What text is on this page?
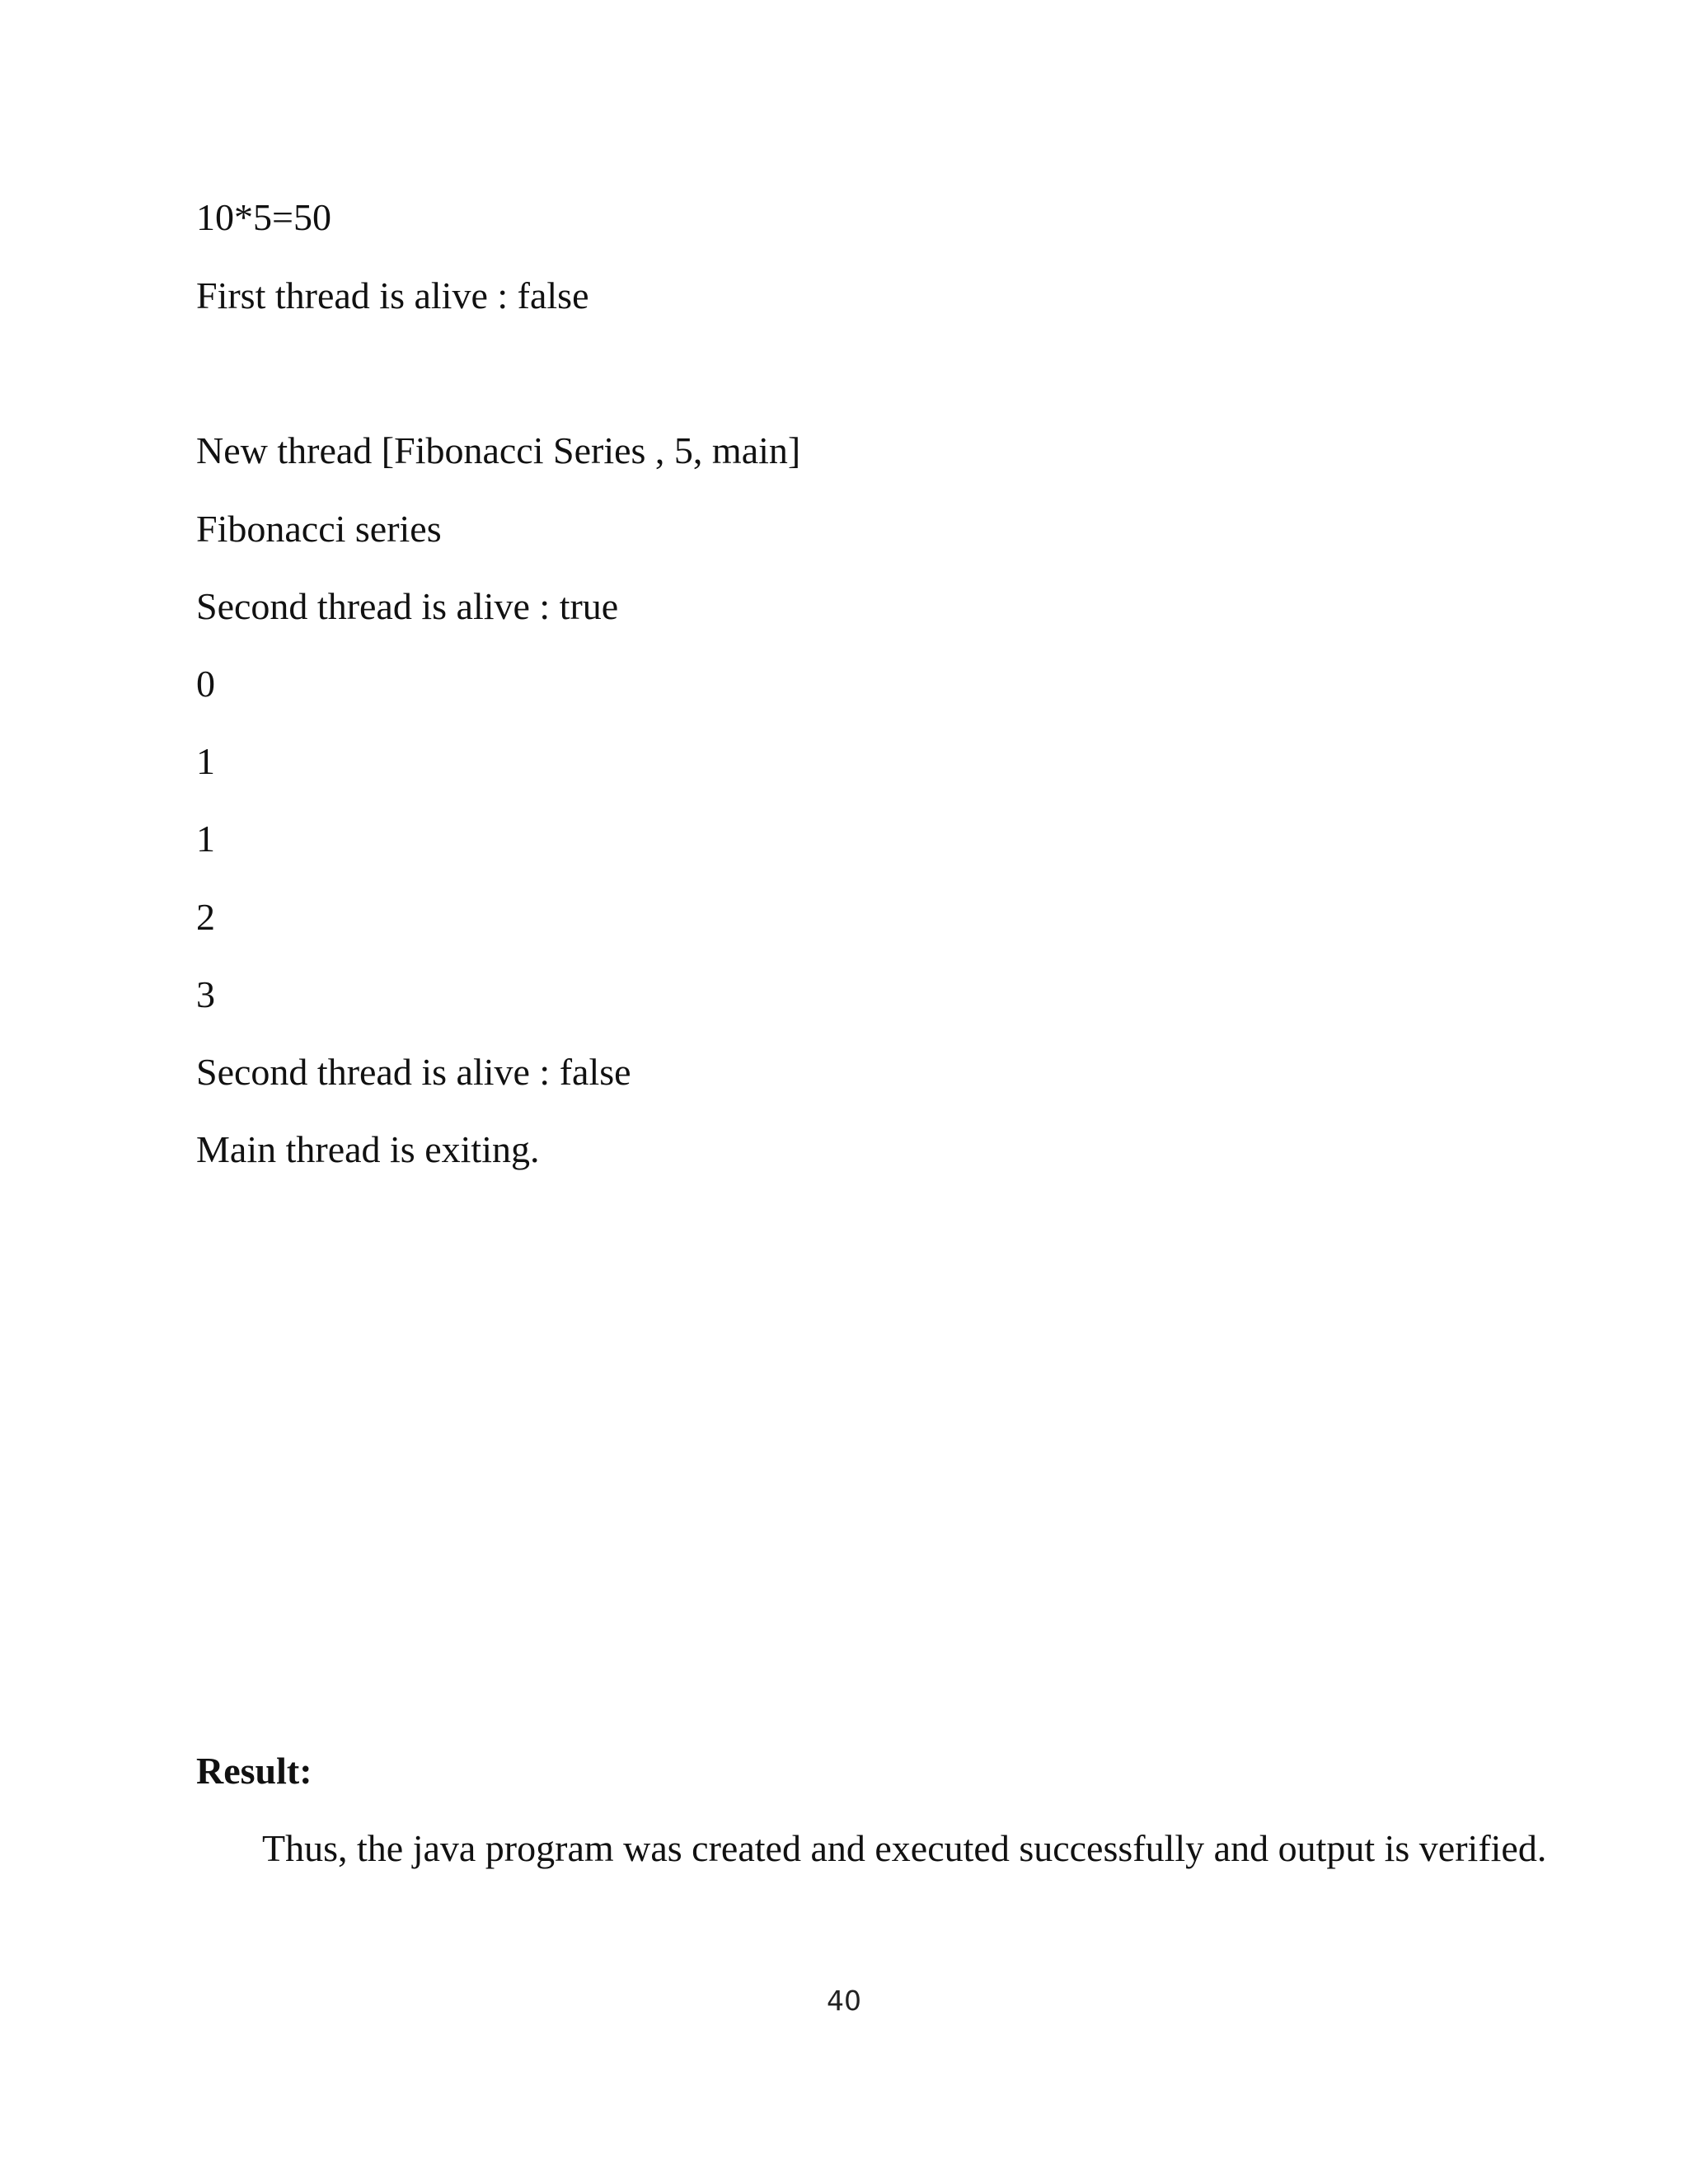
10*5=50
First thread is alive : false
New thread [Fibonacci Series , 5, main]
Fibonacci series
Second thread is alive : true
0
1
1
2
3
Second thread is alive : false
Main thread is exiting.
Result:
Thus, the java program was created and executed successfully and output is verified.
40
